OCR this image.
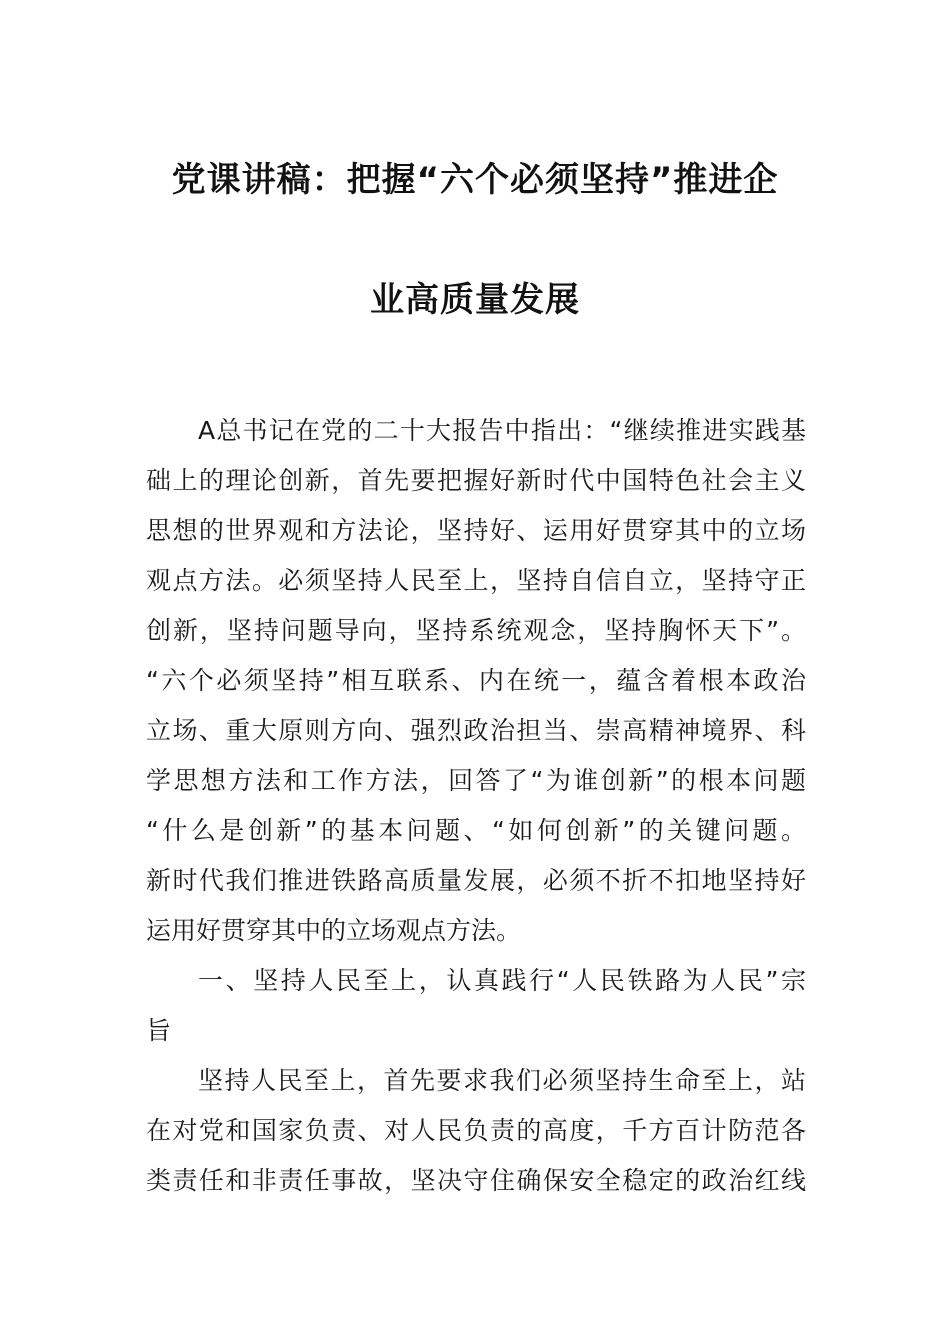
党课讲稿：把握“六个必须坚持”推进企
业高质量发展
A总书记在党的二十大报告中指出：“继续推进实践基
础上的理论创新，首先要把握好新时代中国特色社会主义
思想的世界观和方法论，坚持好、运用好贯穿其中的立场
观点方法。必须坚持人民至上，坚持自信自立，坚持守正
创新，坚持问题导向，坚持系统观念，坚持胸怀天下”。
“六个必须坚持”相互联系、内在统一，蕴含着根本政治
立场、重大原则方向、强烈政治担当、崇高精神境界、科
学思想方法和工作方法，回答了“为谁创新”的根本问题
“什么是创新”的基本问题、“如何创新”的关键问题。
新时代我们推进铁路高质量发展，必须不折不扣地坚持好
运用好贯穿其中的立场观点方法。
一、坚持人民至上，认真践行“人民铁路为人民”宗
旨
坚持人民至上，首先要求我们必须坚持生命至上，站
在对党和国家负责、对人民负责的高度，千方百计防范各
类责任和非责任事故，坚决守住确保安全稳定的政治红线
